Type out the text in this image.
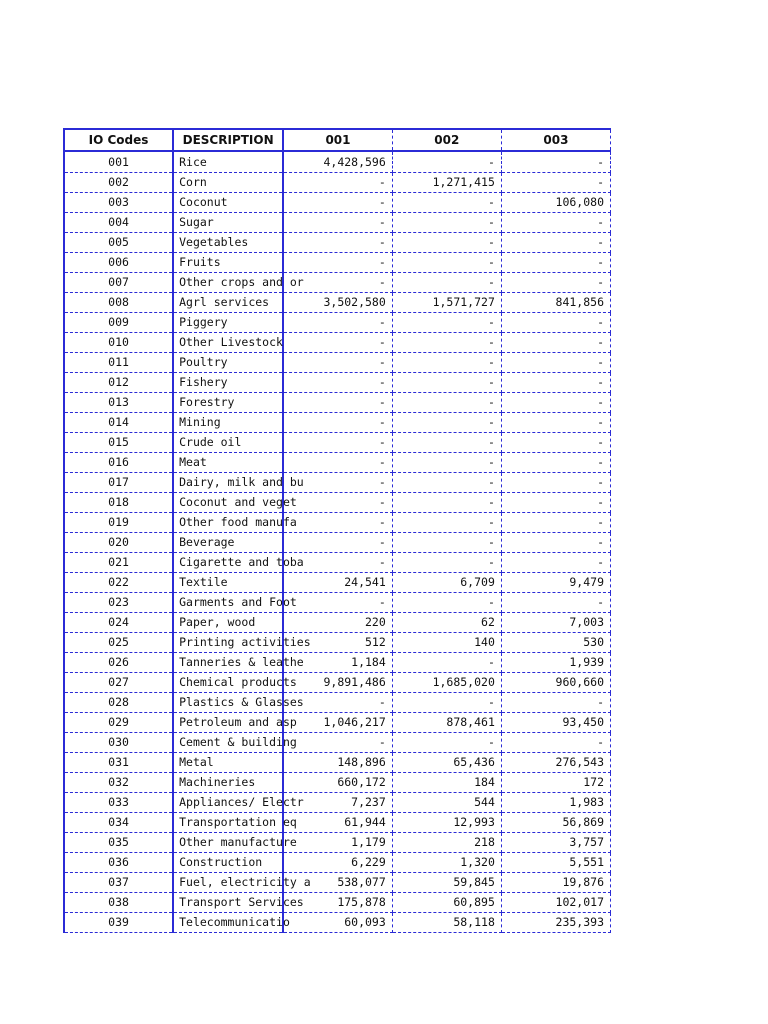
IO Codes	DESCRIPTION	001	002	003
001	Rice	4,428,596	-	-
002	Corn	-	1,271,415	-
003	Coconut	-	-	106,080
004	Sugar	-	-	-
005	Vegetables	-	-	-
006	Fruits	-	-	-
007	Other crops and or	-	-	-
008	Agrl services	3,502,580	1,571,727	841,856
009	Piggery	-	-	-
010	Other Livestock	-	-	-
011	Poultry	-	-	-
012	Fishery	-	-	-
013	Forestry	-	-	-
014	Mining	-	-	-
015	Crude oil	-	-	-
016	Meat	-	-	-
017	Dairy, milk and bu	-	-	-
018	Coconut and veget	-	-	-
019	Other food manufa	-	-	-
020	Beverage	-	-	-
021	Cigarette and toba	-	-	-
022	Textile	24,541	6,709	9,479
023	Garments and Foot	-	-	-
024	Paper, wood	220	62	7,003
025	Printing activities	512	140	530
026	Tanneries & leathe	1,184	-	1,939
027	Chemical products	9,891,486	1,685,020	960,660
028	Plastics & Glasses	-	-	-
029	Petroleum and asp	1,046,217	878,461	93,450
030	Cement & building	-	-	-
031	Metal	148,896	65,436	276,543
032	Machineries	660,172	184	172
033	Appliances/ Electr	7,237	544	1,983
034	Transportation eq	61,944	12,993	56,869
035	Other manufacture	1,179	218	3,757
036	Construction	6,229	1,320	5,551
037	Fuel, electricity a	538,077	59,845	19,876
038	Transport Services	175,878	60,895	102,017
039	Telecommunicatio	60,093	58,118	235,393
